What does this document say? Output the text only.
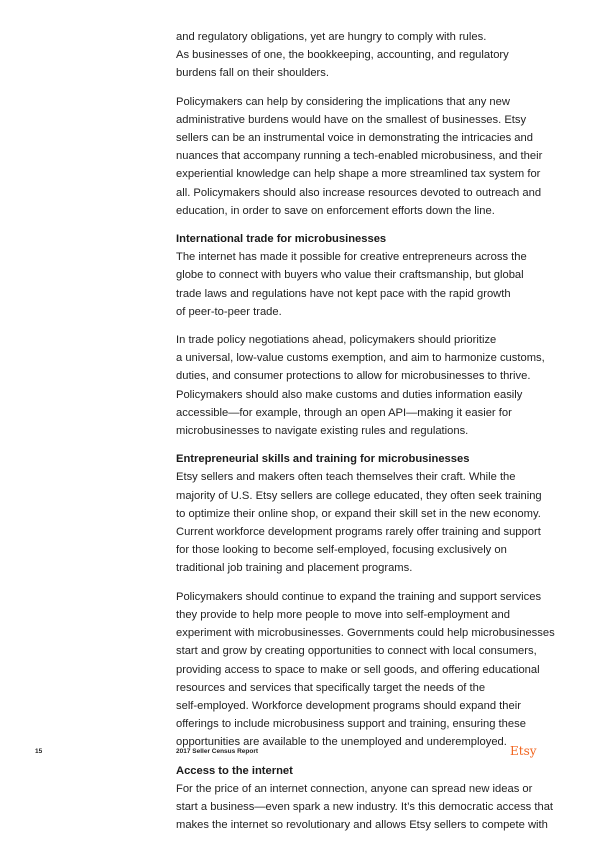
and regulatory obligations, yet are hungry to comply with rules.
As businesses of one, the bookkeeping, accounting, and regulatory
burdens fall on their shoulders.

Policymakers can help by considering the implications that any new
administrative burdens would have on the smallest of businesses. Etsy
sellers can be an instrumental voice in demonstrating the intricacies and
nuances that accompany running a tech-enabled microbusiness, and their
experiential knowledge can help shape a more streamlined tax system for
all. Policymakers should also increase resources devoted to outreach and
education, in order to save on enforcement efforts down the line.

International trade for microbusinesses

The internet has made it possible for creative entrepreneurs across the
globe to connect with buyers who value their craftsmanship, but global
trade laws and regulations have not kept pace with the rapid growth
of peer-to-peer trade.

In trade policy negotiations ahead, policymakers should prioritize
a universal, low-value customs exemption, and aim to harmonize customs,
duties, and consumer protections to allow for microbusinesses to thrive.
Policymakers should also make customs and duties information easily
accessible—for example, through an open API—making it easier for
microbusinesses to navigate existing rules and regulations.

Entrepreneurial skills and training for microbusinesses

Etsy sellers and makers often teach themselves their craft. While the
majority of U.S. Etsy sellers are college educated, they often seek training
to optimize their online shop, or expand their skill set in the new economy.
Current workforce development programs rarely offer training and support
for those looking to become self-employed, focusing exclusively on
traditional job training and placement programs.

Policymakers should continue to expand the training and support services
they provide to help more people to move into self-employment and
experiment with microbusinesses. Governments could help microbusinesses
start and grow by creating opportunities to connect with local consumers,
providing access to space to make or sell goods, and offering educational
resources and services that specifically target the needs of the
self-employed. Workforce development programs should expand their
offerings to include microbusiness support and training, ensuring these
opportunities are available to the unemployed and underemployed.

Access to the internet

For the price of an internet connection, anyone can spread new ideas or
start a business—even spark a new industry. It’s this democratic access that
makes the internet so revolutionary and allows Etsy sellers to compete with

15	2017 Seller Census Report	Etsy
